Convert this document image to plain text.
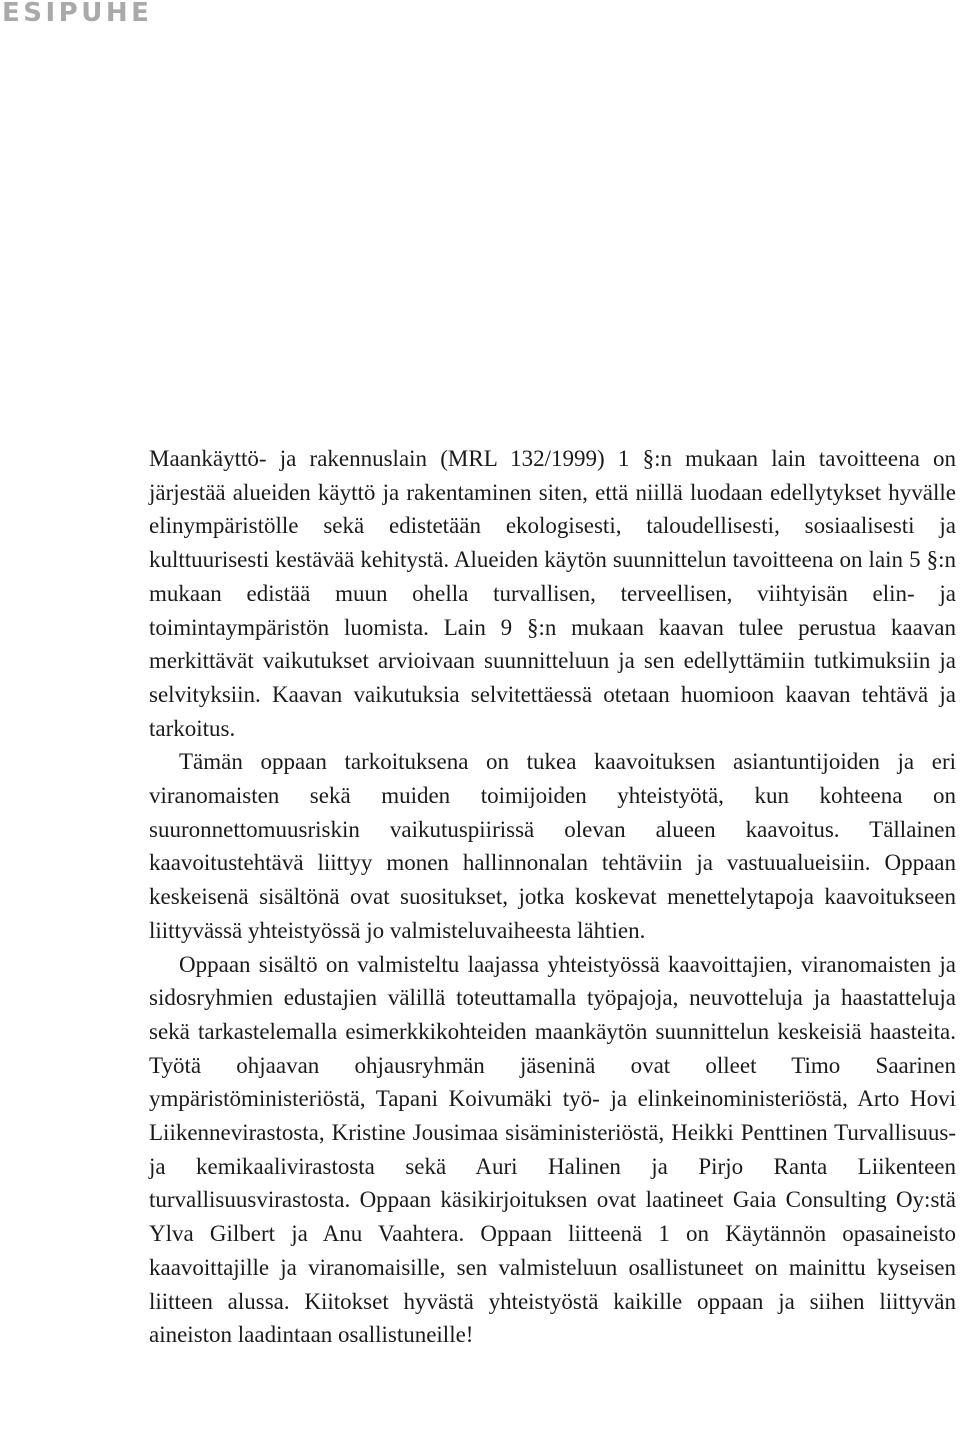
ESIPUHE

Maankäyttö- ja rakennuslain (MRL 132/1999) 1 §:n mukaan lain tavoitteena on järjestää alueiden käyttö ja rakentaminen siten, että niillä luodaan edellytykset hyvälle elinympäristölle sekä edistetään ekologisesti, taloudellisesti, sosiaalisesti ja kulttuurisesti kestävää kehitystä. Alueiden käytön suunnittelun tavoitteena on lain 5 §:n mukaan edistää muun ohella turvallisen, terveellisen, viihtyisän elin- ja toimintaympäristön luomista. Lain 9 §:n mukaan kaavan tulee perustua kaavan merkittävät vaikutukset arvioivaan suunnitteluun ja sen edellyttämiin tutkimuksiin ja selvityksiin. Kaavan vaikutuksia selvitettäessä otetaan huomioon kaavan tehtävä ja tarkoitus.

Tämän oppaan tarkoituksena on tukea kaavoituksen asiantuntijoiden ja eri viranomaisten sekä muiden toimijoiden yhteistyötä, kun kohteena on suuronnettomuusriskin vaikutuspiirissä olevan alueen kaavoitus. Tällainen kaavoitustehtävä liittyy monen hallinnonalan tehtäviin ja vastuualueisiin. Oppaan keskeisenä sisältönä ovat suositukset, jotka koskevat menettelytapoja kaavoitukseen liittyvässä yhteistyössä jo valmisteluvaiheesta lähtien.

Oppaan sisältö on valmisteltu laajassa yhteistyössä kaavoittajien, viranomaisten ja sidosryhmien edustajien välillä toteuttamalla työpajoja, neuvotteluja ja haastatteluja sekä tarkastelemalla esimerkkikohteiden maankäytön suunnittelun keskeisiä haasteita. Työtä ohjaavan ohjausryhmän jäseninä ovat olleet Timo Saarinen ympäristöministeriöstä, Tapani Koivumäki työ- ja elinkeinoministeriöstä, Arto Hovi Liikennevirastosta, Kristine Jousimaa sisäministeriöstä, Heikki Penttinen Turvallisuus- ja kemikaalivirastosta sekä Auri Halinen ja Pirjo Ranta Liikenteen turvallisuusvirastosta. Oppaan käsikirjoituksen ovat laatineet Gaia Consulting Oy:stä Ylva Gilbert ja Anu Vaahtera. Oppaan liitteenä 1 on Käytännön opasaineisto kaavoittajille ja viranomaisille, sen valmisteluun osallistuneet on mainittu kyseisen liitteen alussa. Kiitokset hyvästä yhteistyöstä kaikille oppaan ja siihen liittyvän aineiston laadintaan osallistuneille!
